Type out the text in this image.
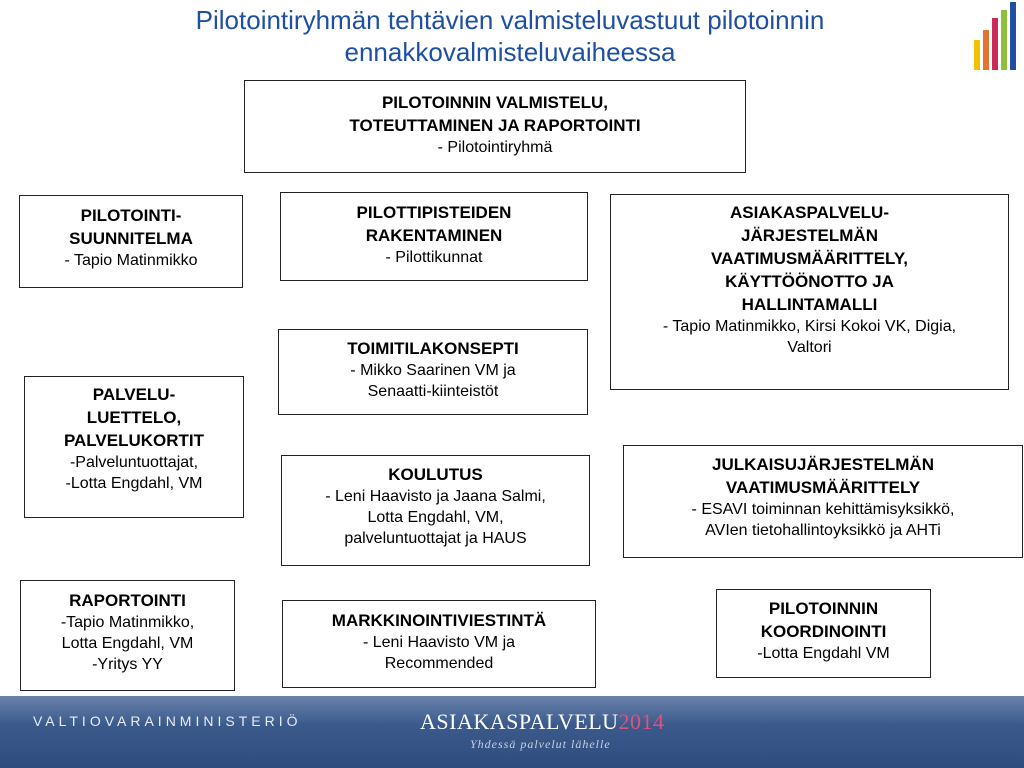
Pilotointiryhmän tehtävien valmisteluvastuut pilotoinnin
ennakkovalmisteluvaiheessa
PILOTOINNIN VALMISTELU,
TOTEUTTAMINEN JA RAPORTOINTI
- Pilotointiryhmä
PILOTOINTI-
SUUNNITELMA
- Tapio Matinmikko
PALVELU-
LUETTELO,
PALVELUKORTIT
-Palveluntuottajat,
-Lotta Engdahl, VM
RAPORTOINTI
-Tapio Matinmikko,
Lotta Engdahl, VM
-Yritys YY
PILOTTIPISTEIDEN
RAKENTAMINEN
- Pilottikunnat
TOIMITILAKONSEPTI
- Mikko Saarinen VM ja
Senaatti-kiinteistöt
KOULUTUS
- Leni Haavisto ja Jaana Salmi,
Lotta Engdahl, VM,
palveluntuottajat ja HAUS
MARKKINOINTIVIESTINTÄ
- Leni Haavisto VM ja
Recommended
ASIAKASPALVELU-
JÄRJESTELMÄN
VAATIMUSMÄÄRITTELY,
KÄYTTÖÖNOTTO JA
HALLINTAMALLI
- Tapio Matinmikko, Kirsi Kokoi VK, Digia,
Valtori
JULKAISUJÄRJESTELMÄN
VAATIMUSMÄÄRITTELY
- ESAVI toiminnan kehittämisyksikkö,
AVIen tietohallintoyksikkö ja AHTi
PILOTOINNIN
KOORDINOINTI
-Lotta Engdahl VM
VALTIOVARAINMINISTERIÖ	ASIAKASPALVELU2014
Yhdessä palvelut lähelle
